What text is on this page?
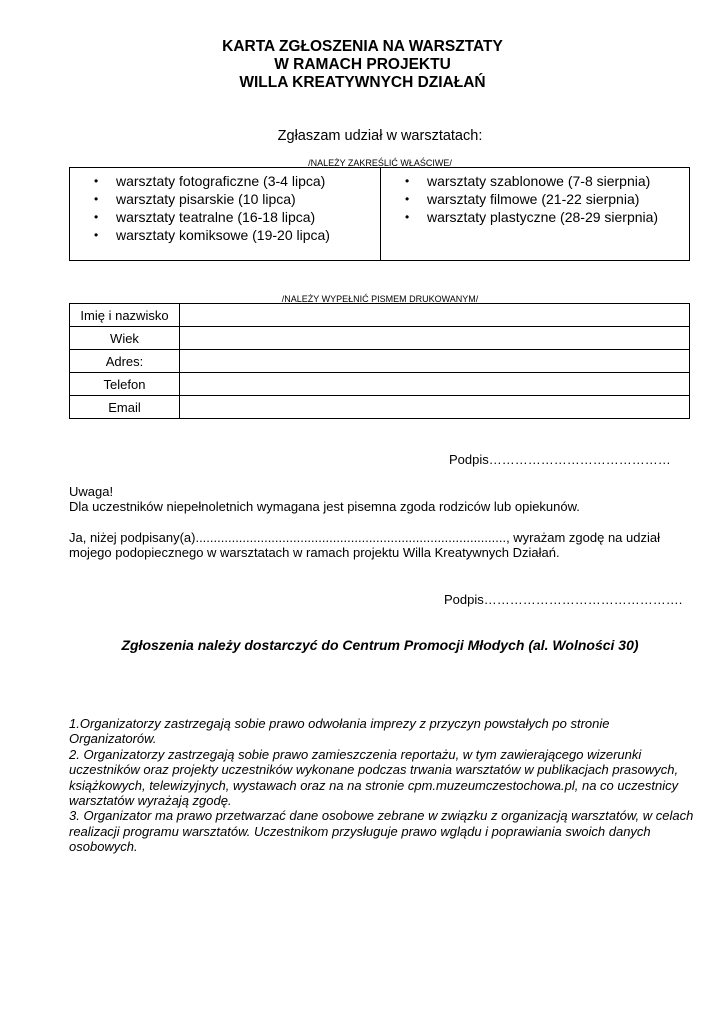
KARTA ZGŁOSZENIA NA WARSZTATY
W RAMACH PROJEKTU
WILLA KREATYWNYCH DZIAŁAŃ
Zgłaszam udział w warsztatach:
/NALEŻY ZAKREŚLIĆ WŁAŚCIWE/
• warsztaty fotograficzne (3-4 lipca)
• warsztaty pisarskie (10 lipca)
• warsztaty teatralne (16-18 lipca)
• warsztaty komiksowe (19-20 lipca)
• warsztaty szablonowe (7-8 sierpnia)
• warsztaty filmowe (21-22 sierpnia)
• warsztaty plastyczne (28-29 sierpnia)
/NALEŻY WYPEŁNIĆ PISMEM DRUKOWANYM/
Imię i nazwisko	
Wiek	
Adres:	
Telefon	
Email	
Podpis……………………………………
Uwaga!
Dla uczestników niepełnoletnich wymagana jest pisemna zgoda rodziców lub opiekunów.
Ja, niżej podpisany(a)......................................................................................, wyrażam zgodę na udział mojego podopiecznego w warsztatach w ramach projektu Willa Kreatywnych Działań.
Podpis……………………………………….
Zgłoszenia należy dostarczyć do Centrum Promocji Młodych (al. Wolności 30)
1.Organizatorzy zastrzegają sobie prawo odwołania imprezy z przyczyn powstałych po stronie Organizatorów.
2. Organizatorzy zastrzegają sobie prawo zamieszczenia reportażu, w tym zawierającego wizerunki uczestników oraz projekty uczestników wykonane podczas trwania warsztatów w publikacjach prasowych, książkowych, telewizyjnych, wystawach oraz na na stronie cpm.muzeumczestochowa.pl, na co uczestnicy warsztatów wyrażają zgodę.
3. Organizator ma prawo przetwarzać dane osobowe zebrane w związku z organizacją warsztatów, w celach realizacji programu warsztatów. Uczestnikom przysługuje prawo wglądu i poprawiania swoich danych osobowych.
